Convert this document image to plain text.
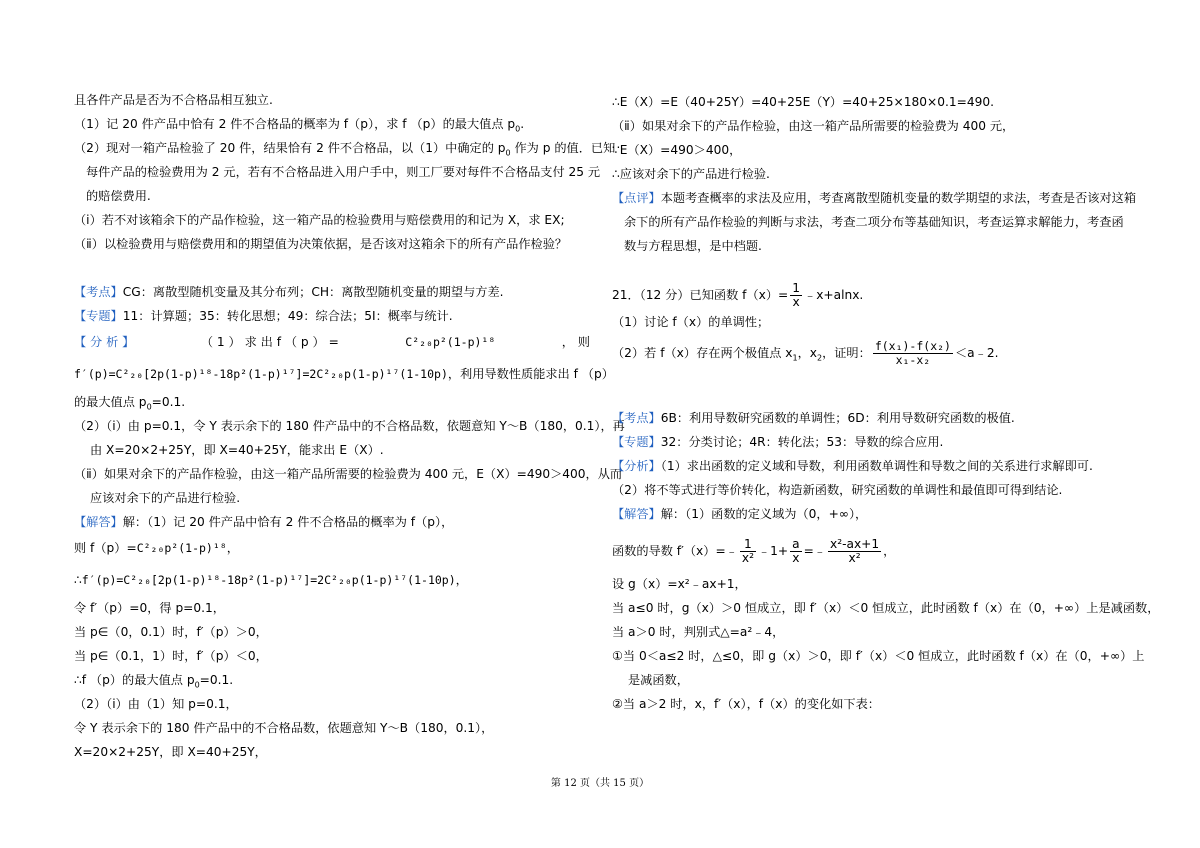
且各件产品是否为不合格品相互独立.
（1）记 20 件产品中恰有 2 件不合格品的概率为 f（p），求 f （p）的最大值点 $p_0$.
（2）现对一箱产品检验了 20 件，结果恰有 2 件不合格品，以（1）中确定的 $p_0$ 作为 p 的值．已知
每件产品的检验费用为 2 元，若有不合格品进入用户手中，则工厂要对每件不合格品支付 25 元
的赔偿费用.
（i）若不对该箱余下的产品作检验，这一箱产品的检验费用与赔偿费用的和记为 X，求 EX;
（ⅱ）以检验费用与赔偿费用和的期望值为决策依据，是否该对这箱余下的所有产品作检验？
【考点】CG：离散型随机变量及其分布列；CH：离散型随机变量的期望与方差.
【专题】11：计算题；35：转化思想；49：综合法；5I：概率与统计.
【 分 析 】	（ 1 ） 求 出 f （ p ） =	C²₂₀p²(1-p)¹⁸	， 则
f′(p)=C²₂₀[2p(1-p)¹⁸-18p²(1-p)¹⁷]=2C²₂₀p(1-p)¹⁷(1-10p)，利用导数性质能求出 f （p）
的最大值点 $p_0=0.1$.
（2）（i）由 p=0.1，令 Y 表示余下的 180 件产品中的不合格品数，依题意知 Y～B（180，0.1），再
由 X=20×2+25Y，即 X=40+25Y，能求出 E（X）.
（ⅱ）如果对余下的产品作检验，由这一箱产品所需要的检验费为 400 元，E（X）=490＞400，从而
应该对余下的产品进行检验.
【解答】解：（1）记 20 件产品中恰有 2 件不合格品的概率为 f（p），
则 f（p）=C²₂₀p²(1-p)¹⁸，
∴f′(p)=C²₂₀[2p(1-p)¹⁸-18p²(1-p)¹⁷]=2C²₂₀p(1-p)¹⁷(1-10p)，
令 f′（p）=0，得 p=0.1，
当 p∈（0，0.1）时，f′（p）＞0，
当 p∈（0.1，1）时，f′（p）＜0，
∴f （p）的最大值点 $p_0=0.1$.
（2）（i）由（1）知 p=0.1，
令 Y 表示余下的 180 件产品中的不合格品数，依题意知 Y～B（180，0.1），
X=20×2+25Y，即 X=40+25Y，
∴E（X）=E（40+25Y）=40+25E（Y）=40+25×180×0.1=490.
（ⅱ）如果对余下的产品作检验，由这一箱产品所需要的检验费为 400 元，
∵E（X）=490＞400，
∴应该对余下的产品进行检验.
【点评】本题考查概率的求法及应用，考查离散型随机变量的数学期望的求法，考查是否该对这箱
余下的所有产品作检验的判断与求法，考查二项分布等基础知识，考查运算求解能力，考查函
数与方程思想，是中档题.
21．（12 分）已知函数 $f(x)= \frac{1}{x}$ ﹣x+alnx.
（1）讨论 f（x）的单调性；
（2）若 f（x）存在两个极值点 $x_1$，$x_2$，证明： $\frac{\text{f(x₁)-f(x₂)}}{\text{x₁-x₂}}$ ＜a﹣2.
【考点】6B：利用导数研究函数的单调性；6D：利用导数研究函数的极值.
【专题】32：分类讨论；4R：转化法；53：导数的综合应用.
【分析】（1）求出函数的定义域和导数，利用函数单调性和导数之间的关系进行求解即可.
（2）将不等式进行等价转化，构造新函数，研究函数的单调性和最值即可得到结论.
【解答】解：（1）函数的定义域为（0，+∞），
函数的导数 f′（x）=﹣ $\frac{1}{\text{x²}}$ ﹣1+ $\frac{a}{x}$ =﹣ $\frac{\text{x²-ax+1}}{\text{x²}}$ ，
设 g（x）=x²﹣ax+1，
当 a≤0 时，g（x）＞0 恒成立，即 f′（x）＜0 恒成立，此时函数 f（x）在（0，+∞）上是减函数，
当 a＞0 时，判别式△=a²﹣4，
①当 0＜a≤2 时，△≤0，即 g（x）＞0，即 f′（x）＜0 恒成立，此时函数 f（x）在（0，+∞）上
是减函数，
②当 a＞2 时，x，f′（x），f（x）的变化如下表：
第 12 页（共 15 页）
